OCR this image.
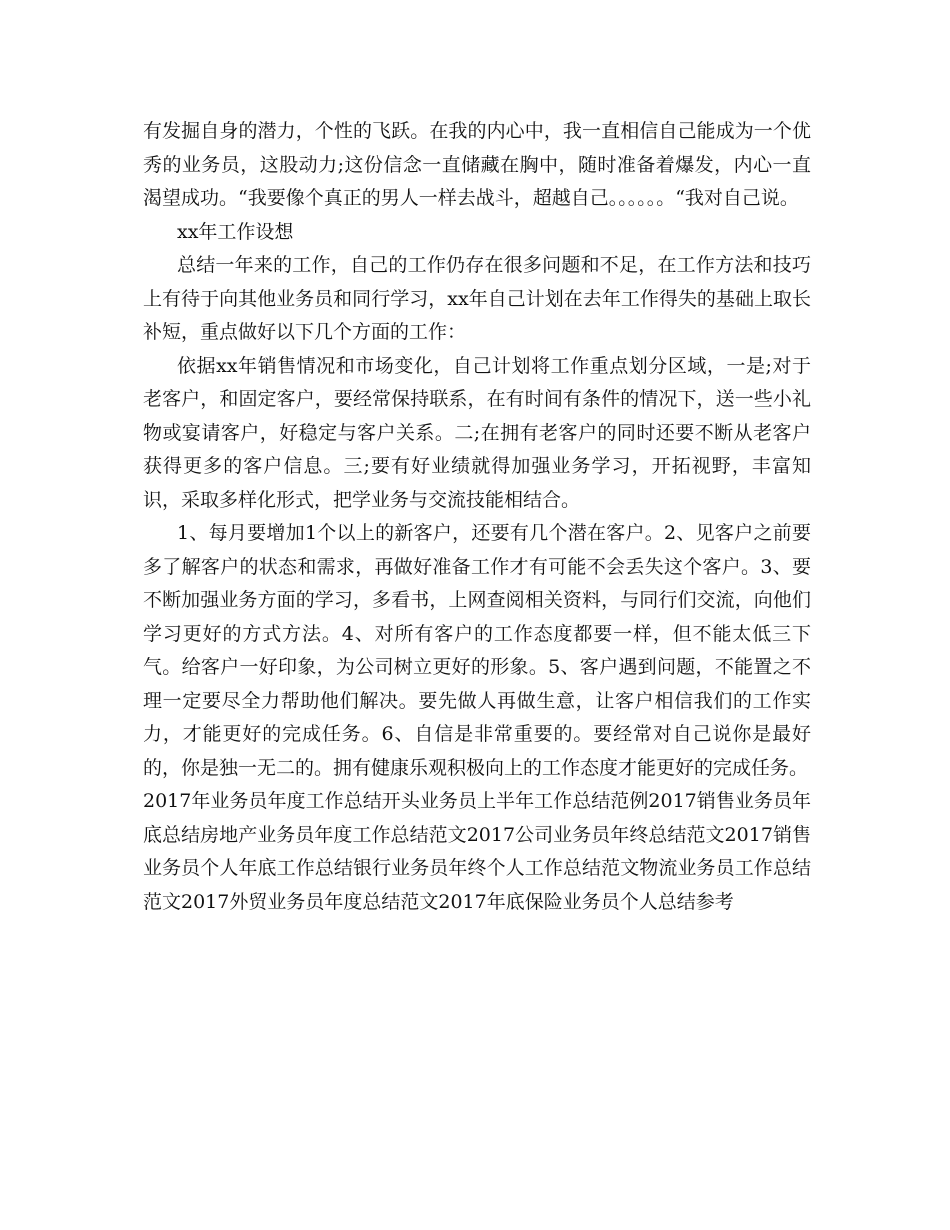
有发掘自身的潜力，个性的飞跃。在我的内心中，我一直相信自己能成为一个优秀的业务员，这股动力;这份信念一直储藏在胸中，随时准备着爆发，内心一直渴望成功。“我要像个真正的男人一样去战斗，超越自己。。。。。。“我对自己说。

xx年工作设想

总结一年来的工作，自己的工作仍存在很多问题和不足，在工作方法和技巧上有待于向其他业务员和同行学习，xx年自己计划在去年工作得失的基础上取长补短，重点做好以下几个方面的工作：

依据xx年销售情况和市场变化，自己计划将工作重点划分区域，一是;对于老客户，和固定客户，要经常保持联系，在有时间有条件的情况下，送一些小礼物或宴请客户，好稳定与客户关系。二;在拥有老客户的同时还要不断从老客户获得更多的客户信息。三;要有好业绩就得加强业务学习，开拓视野，丰富知识，采取多样化形式，把学业务与交流技能相结合。

1、每月要增加1个以上的新客户，还要有几个潜在客户。2、见客户之前要多了解客户的状态和需求，再做好准备工作才有可能不会丢失这个客户。3、要不断加强业务方面的学习，多看书，上网查阅相关资料，与同行们交流，向他们学习更好的方式方法。4、对所有客户的工作态度都要一样，但不能太低三下气。给客户一好印象，为公司树立更好的形象。5、客户遇到问题，不能置之不理一定要尽全力帮助他们解决。要先做人再做生意，让客户相信我们的工作实力，才能更好的完成任务。6、自信是非常重要的。要经常对自己说你是最好的，你是独一无二的。拥有健康乐观积极向上的工作态度才能更好的完成任务。

2017年业务员年度工作总结开头业务员上半年工作总结范例2017销售业务员年底总结房地产业务员年度工作总结范文2017公司业务员年终总结范文2017销售业务员个人年底工作总结银行业务员年终个人工作总结范文物流业务员工作总结范文2017外贸业务员年度总结范文2017年底保险业务员个人总结参考
